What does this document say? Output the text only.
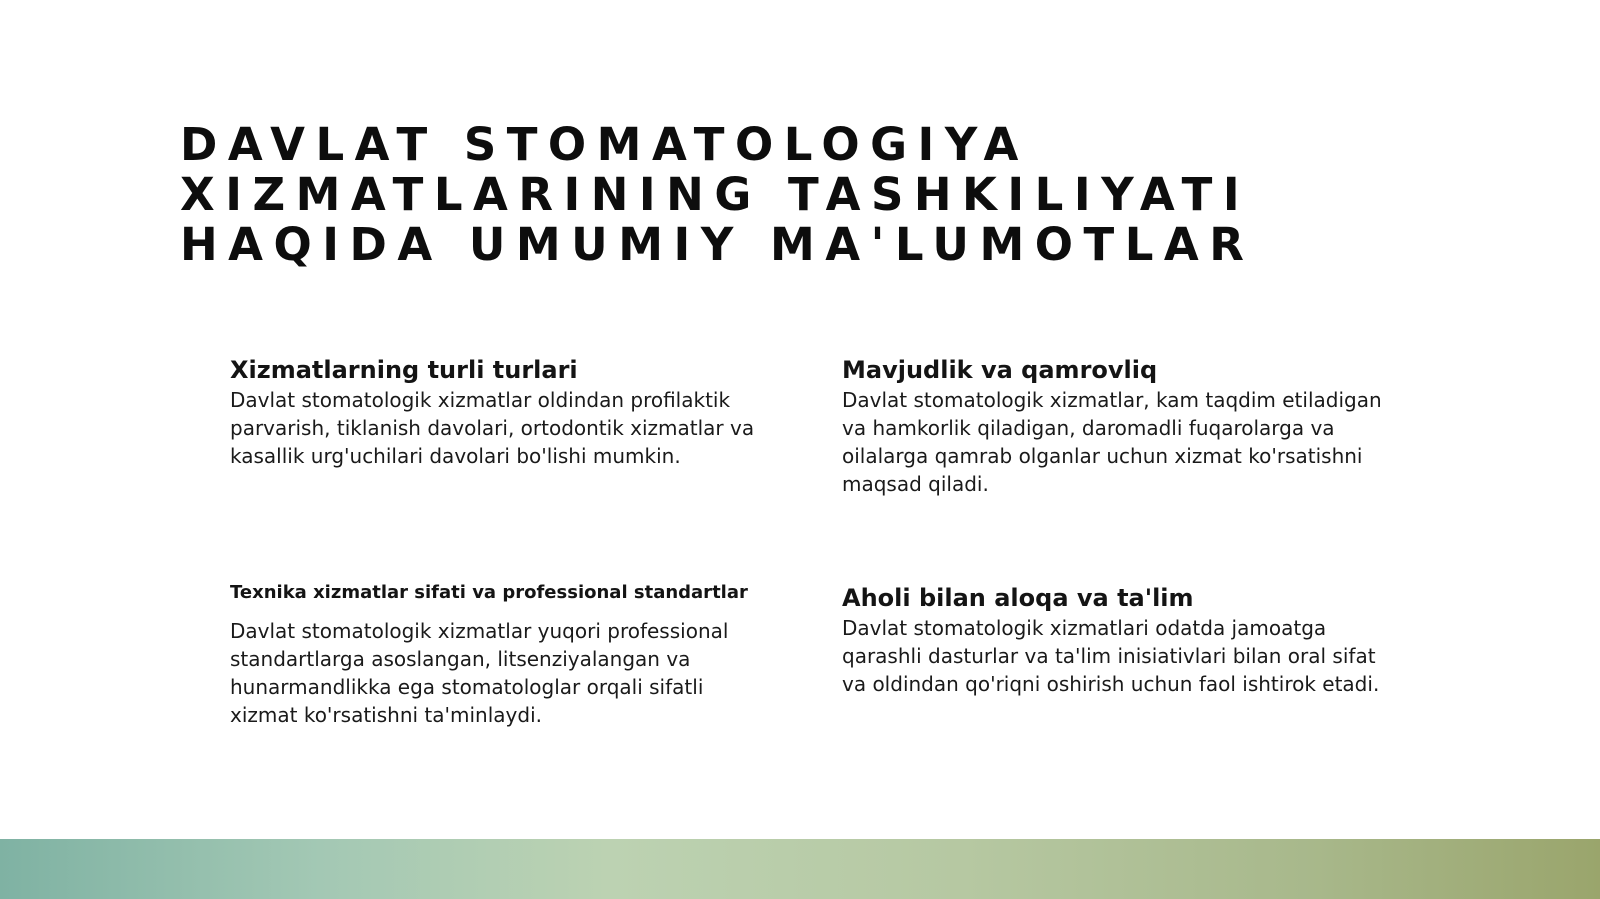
DAVLAT STOMATOLOGIYA XIZMATLARINING TASHKILIYATI HAQIDA UMUMIY MA'LUMOTLAR
Xizmatlarning turli turlari

Davlat stomatologik xizmatlar oldindan profilaktik parvarish, tiklanish davolari, ortodontik xizmatlar va kasallik urg'uchilari davolari bo'lishi mumkin.

Mavjudlik va qamrovliq

Davlat stomatologik xizmatlar, kam taqdim etiladigan va hamkorlik qiladigan, daromadli fuqarolarga va oilalarga qamrab olganlar uchun xizmat ko'rsatishni maqsad qiladi.

Texnika xizmatlar sifati va professional standartlar

Davlat stomatologik xizmatlar yuqori professional standartlarga asoslangan, litsenziyalangan va hunarmandlikka ega stomatologlar orqali sifatli xizmat ko'rsatishni ta'minlaydi.

Aholi bilan aloqa va ta'lim

Davlat stomatologik xizmatlari odatda jamoatga qarashli dasturlar va ta'lim inisiativlari bilan oral sifat va oldindan qo'riqni oshirish uchun faol ishtirok etadi.
